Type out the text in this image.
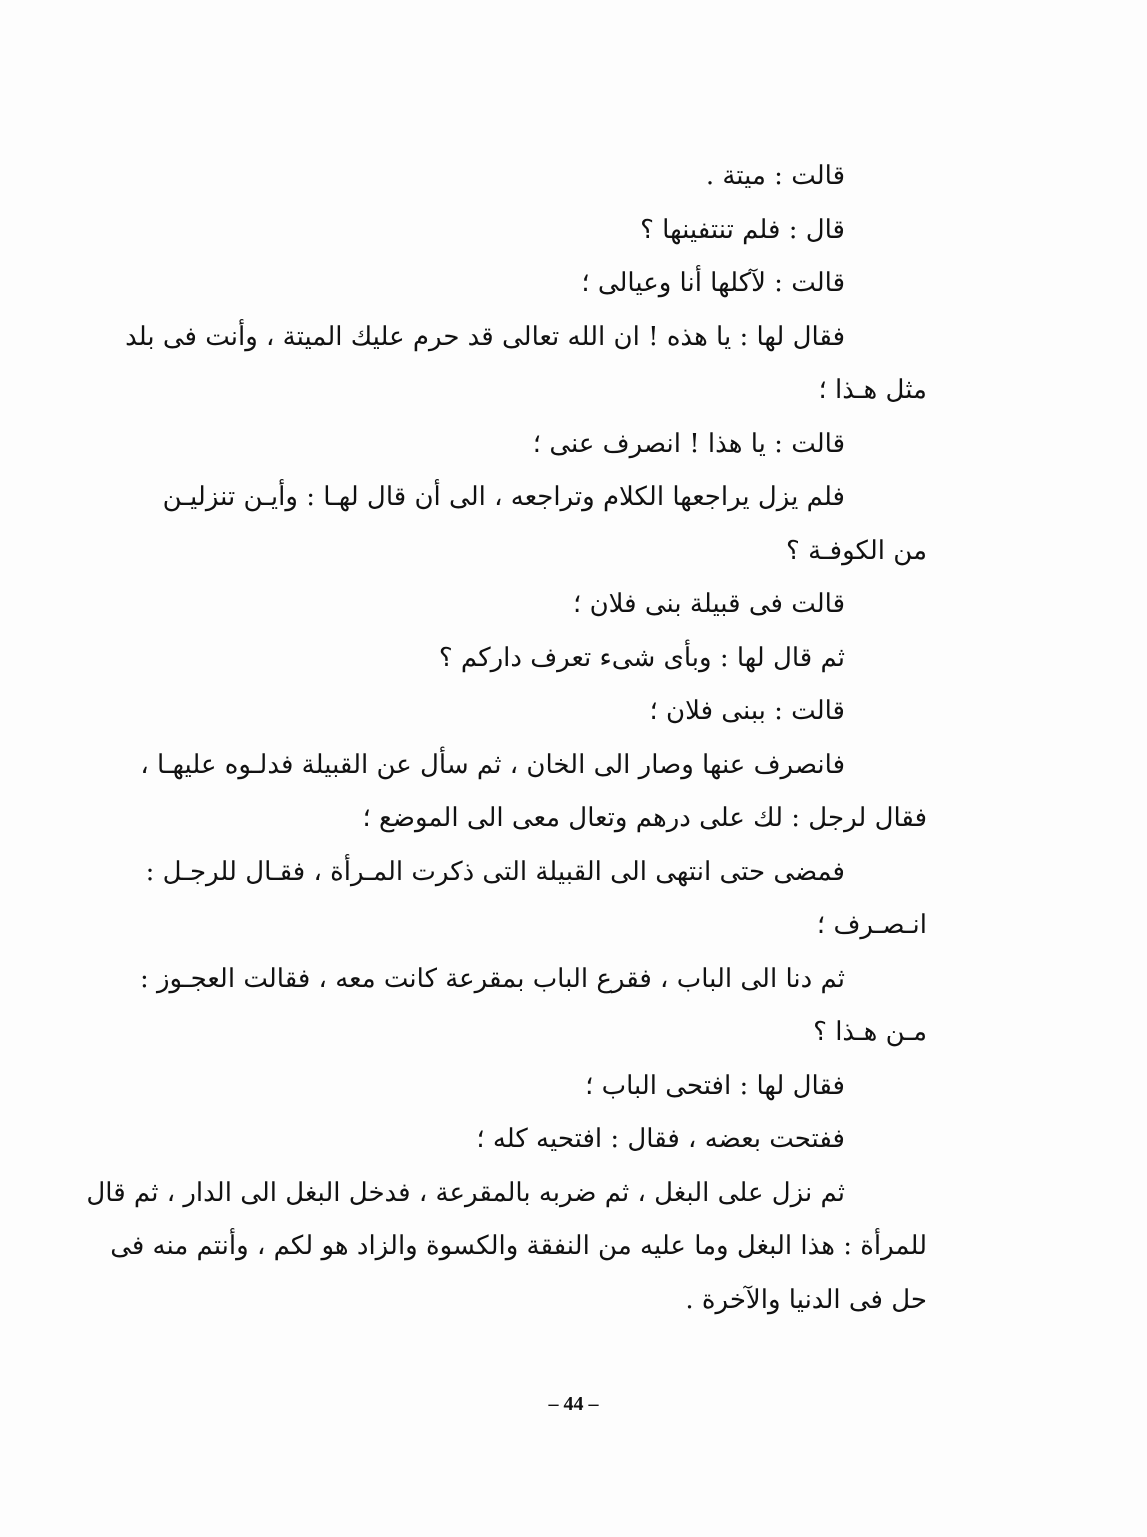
قالت : ميتة .
قال : فلم تنتفينها ؟
قالت : لآكلها أنا وعيالى ؛
فقال لها : يا هذه ! ان الله تعالى قد حرم عليك الميتة ، وأنت فى بلد
مثل هـذا ؛
قالت : يا هذا ! انصرف عنى ؛
فلم يزل يراجعها الكلام وتراجعه ، الى أن قال لهـا : وأيـن تنزليـن
من الكوفـة ؟
قالت فى قبيلة بنى فلان ؛
ثم قال لها : وبأى شىء تعرف داركم ؟
قالت : ببنى فلان ؛
فانصرف عنها وصار الى الخان ، ثم سأل عن القبيلة فدلـوه عليهـا ،
فقال لرجل : لك على درهم وتعال معى الى الموضع ؛
فمضى حتى انتهى الى القبيلة التى ذكرت المـرأة ، فقـال للرجـل :
انـصـرف ؛
ثم دنا الى الباب ، فقرع الباب بمقرعة كانت معه ، فقالت العجـوز :
مـن هـذا ؟
فقال لها : افتحى الباب ؛
ففتحت بعضه ، فقال : افتحيه كله ؛
ثم نزل على البغل ، ثم ضربه بالمقرعة ، فدخل البغل الى الدار ، ثم قال
للمرأة : هذا البغل وما عليه من النفقة والكسوة والزاد هو لكم ، وأنتم منه فى
حل فى الدنيا والآخرة .
– 44 –
